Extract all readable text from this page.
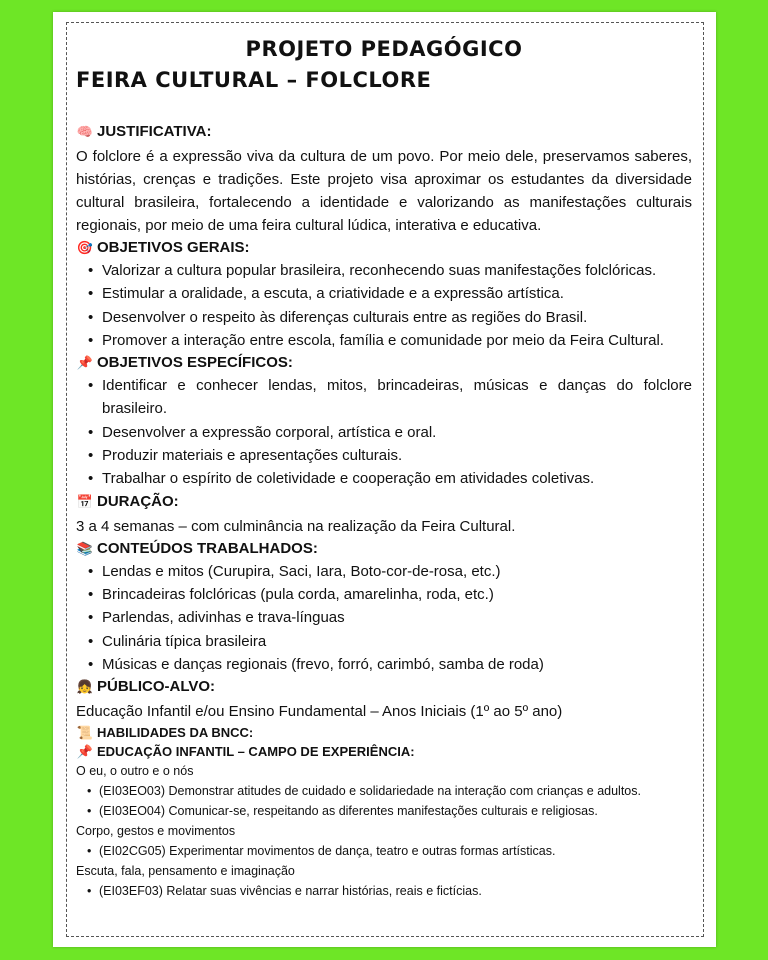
PROJETO PEDAGÓGICO
FEIRA CULTURAL – FOLCLORE
🧠 JUSTIFICATIVA:

O folclore é a expressão viva da cultura de um povo. Por meio dele, preservamos saberes, histórias, crenças e tradições. Este projeto visa aproximar os estudantes da diversidade cultural brasileira, fortalecendo a identidade e valorizando as manifestações culturais regionais, por meio de uma feira cultural lúdica, interativa e educativa.

🎯 OBJETIVOS GERAIS:
• Valorizar a cultura popular brasileira, reconhecendo suas manifestações folclóricas.
• Estimular a oralidade, a escuta, a criatividade e a expressão artística.
• Desenvolver o respeito às diferenças culturais entre as regiões do Brasil.
• Promover a interação entre escola, família e comunidade por meio da Feira Cultural.
📌 OBJETIVOS ESPECÍFICOS:
• Identificar e conhecer lendas, mitos, brincadeiras, músicas e danças do folclore brasileiro.
• Desenvolver a expressão corporal, artística e oral.
• Produzir materiais e apresentações culturais.
• Trabalhar o espírito de coletividade e cooperação em atividades coletivas.
📅 DURAÇÃO:

3 a 4 semanas – com culminância na realização da Feira Cultural.

📚 CONTEÚDOS TRABALHADOS:
• Lendas e mitos (Curupira, Saci, Iara, Boto-cor-de-rosa, etc.)
• Brincadeiras folclóricas (pula corda, amarelinha, roda, etc.)
• Parlendas, adivinhas e trava-línguas
• Culinária típica brasileira
• Músicas e danças regionais (frevo, forró, carimbó, samba de roda)
👧 PÚBLICO-ALVO:

Educação Infantil e/ou Ensino Fundamental – Anos Iniciais (1º ao 5º ano)

📜 HABILIDADES DA BNCC:
📌 EDUCAÇÃO INFANTIL – CAMPO DE EXPERIÊNCIA:
O eu, o outro e o nós
• (EI03EO03) Demonstrar atitudes de cuidado e solidariedade na interação com crianças e adultos.
• (EI03EO04) Comunicar-se, respeitando as diferentes manifestações culturais e religiosas.
Corpo, gestos e movimentos
• (EI02CG05) Experimentar movimentos de dança, teatro e outras formas artísticas.
Escuta, fala, pensamento e imaginação
• (EI03EF03) Relatar suas vivências e narrar histórias, reais e fictícias.
